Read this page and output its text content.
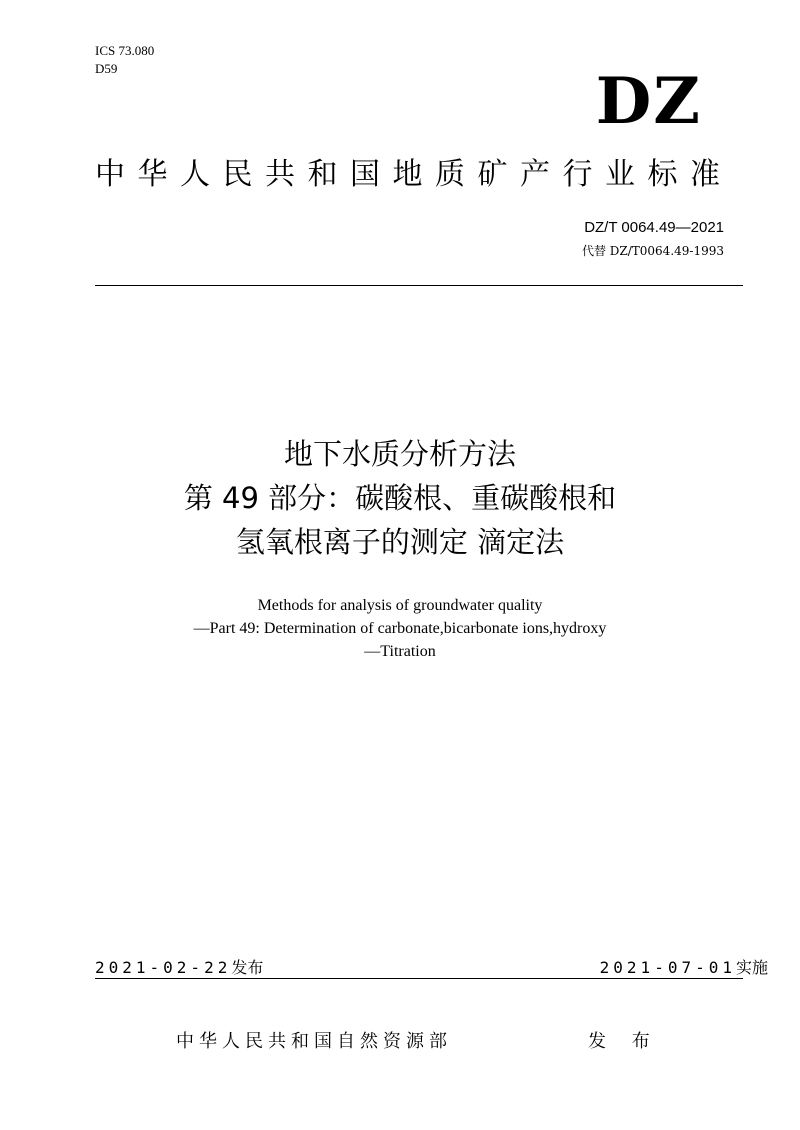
ICS 73.080
D59	DZ
中华人民共和国地质矿产行业标准
DZ/T 0064.49—2021
代替 DZ/T0064.49-1993
地下水质分析方法
第 49 部分：碳酸根、重碳酸根和
氢氧根离子的测定 滴定法
Methods for analysis of groundwater quality
—Part 49: Determination of carbonate,bicarbonate ions,hydroxy
—Titration
2021-02-22发布	2021-07-01实施
中华人民共和国自然资源部	发 布
